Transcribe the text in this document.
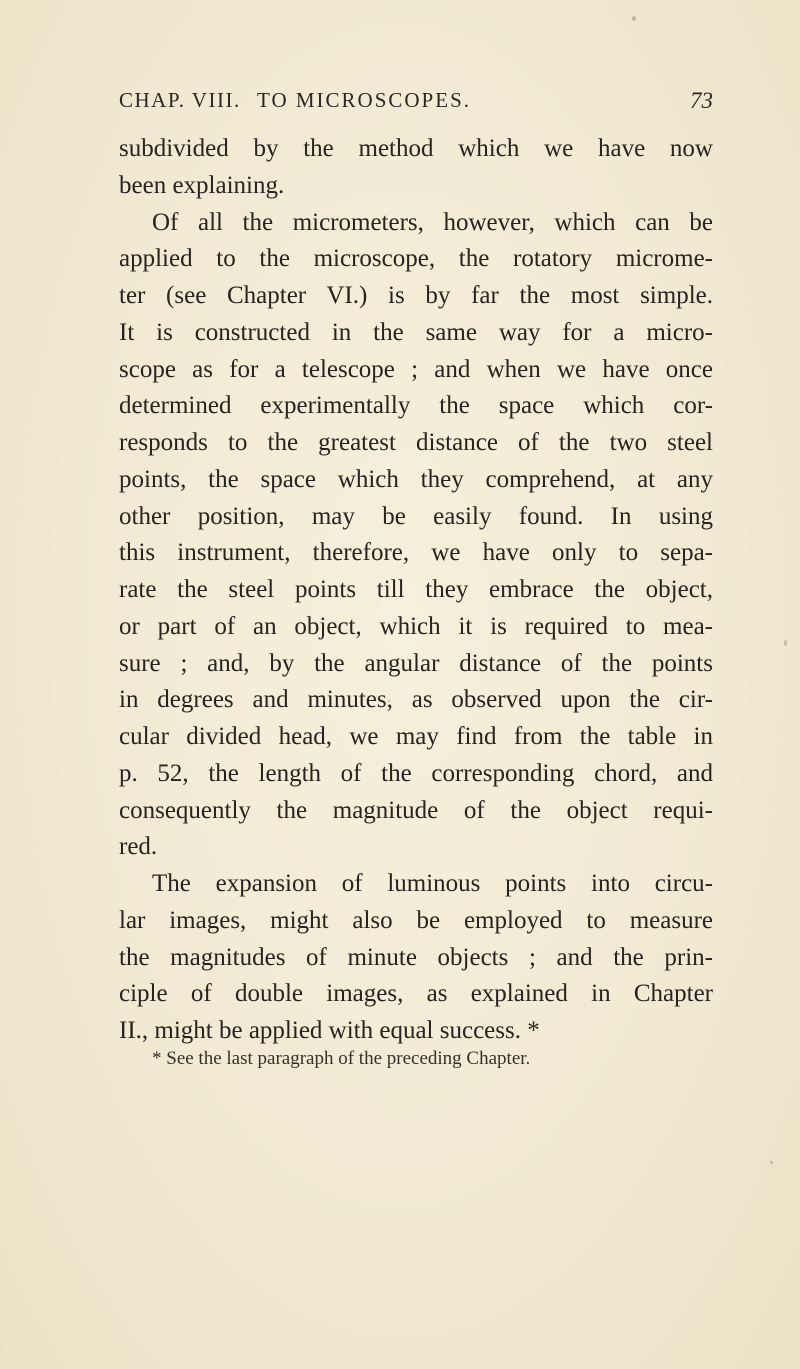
CHAP. VIII. TO MICROSCOPES.	73
subdivided by the method which we have now
been explaining.
Of all the micrometers, however, which can be
applied to the microscope, the rotatory microme-
ter (see Chapter VI.) is by far the most simple.
It is constructed in the same way for a micro-
scope as for a telescope ; and when we have once
determined experimentally the space which cor-
responds to the greatest distance of the two steel
points, the space which they comprehend, at any
other position, may be easily found. In using
this instrument, therefore, we have only to sepa-
rate the steel points till they embrace the object,
or part of an object, which it is required to mea-
sure ; and, by the angular distance of the points
in degrees and minutes, as observed upon the cir-
cular divided head, we may find from the table in
p. 52, the length of the corresponding chord, and
consequently the magnitude of the object requi-
red.
The expansion of luminous points into circu-
lar images, might also be employed to measure
the magnitudes of minute objects ; and the prin-
ciple of double images, as explained in Chapter
II., might be applied with equal success. *
* See the last paragraph of the preceding Chapter.
